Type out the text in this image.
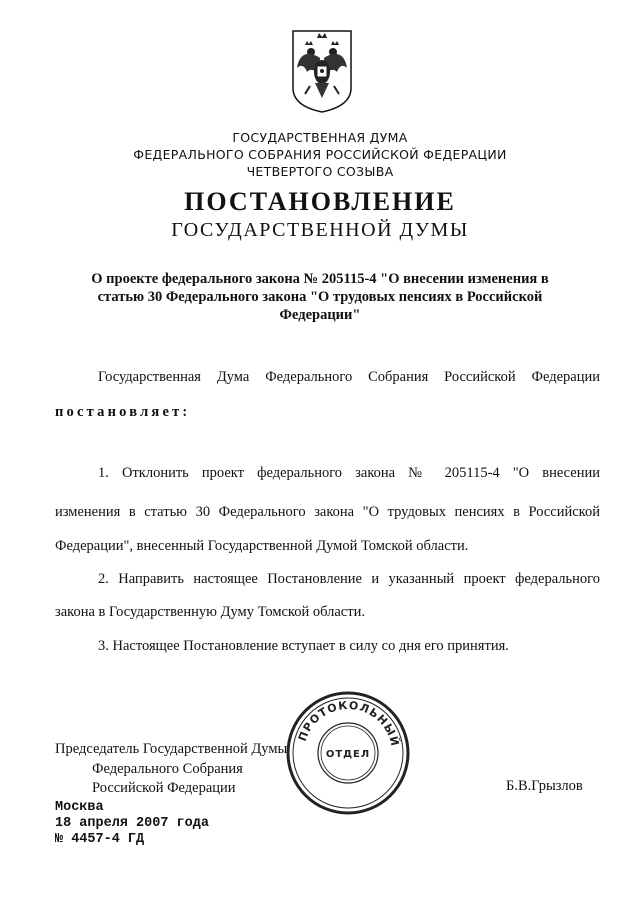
ГОСУДАРСТВЕННАЯ ДУМА
ФЕДЕРАЛЬНОГО СОБРАНИЯ РОССИЙСКОЙ ФЕДЕРАЦИИ
ЧЕТВЕРТОГО СОЗЫВА
ПОСТАНОВЛЕНИЕ
ГОСУДАРСТВЕННОЙ ДУМЫ
О проекте федерального закона № 205115-4 "О внесении изменения в
статью 30 Федерального закона "О трудовых пенсиях в Российской
Федерации"
Государственная Дума Федерального Собрания Российской Федерации
постановляет:
1. Отклонить проект федерального закона № 205115-4 "О внесении
изменения в статью 30 Федерального закона "О трудовых пенсиях в Российской
Федерации", внесенный Государственной Думой Томской области.
2. Направить настоящее Постановление и указанный проект федерального
закона в Государственную Думу Томской области.
3. Настоящее Постановление вступает в силу со дня его принятия.
ПРОТОКОЛЬНЫЙ
ОТДЕЛ
Председатель Государственной Думы
Федерального Собрания
Российской Федерации	Б.В.Грызлов
Москва
18 апреля 2007 года
№ 4457-4 ГД
